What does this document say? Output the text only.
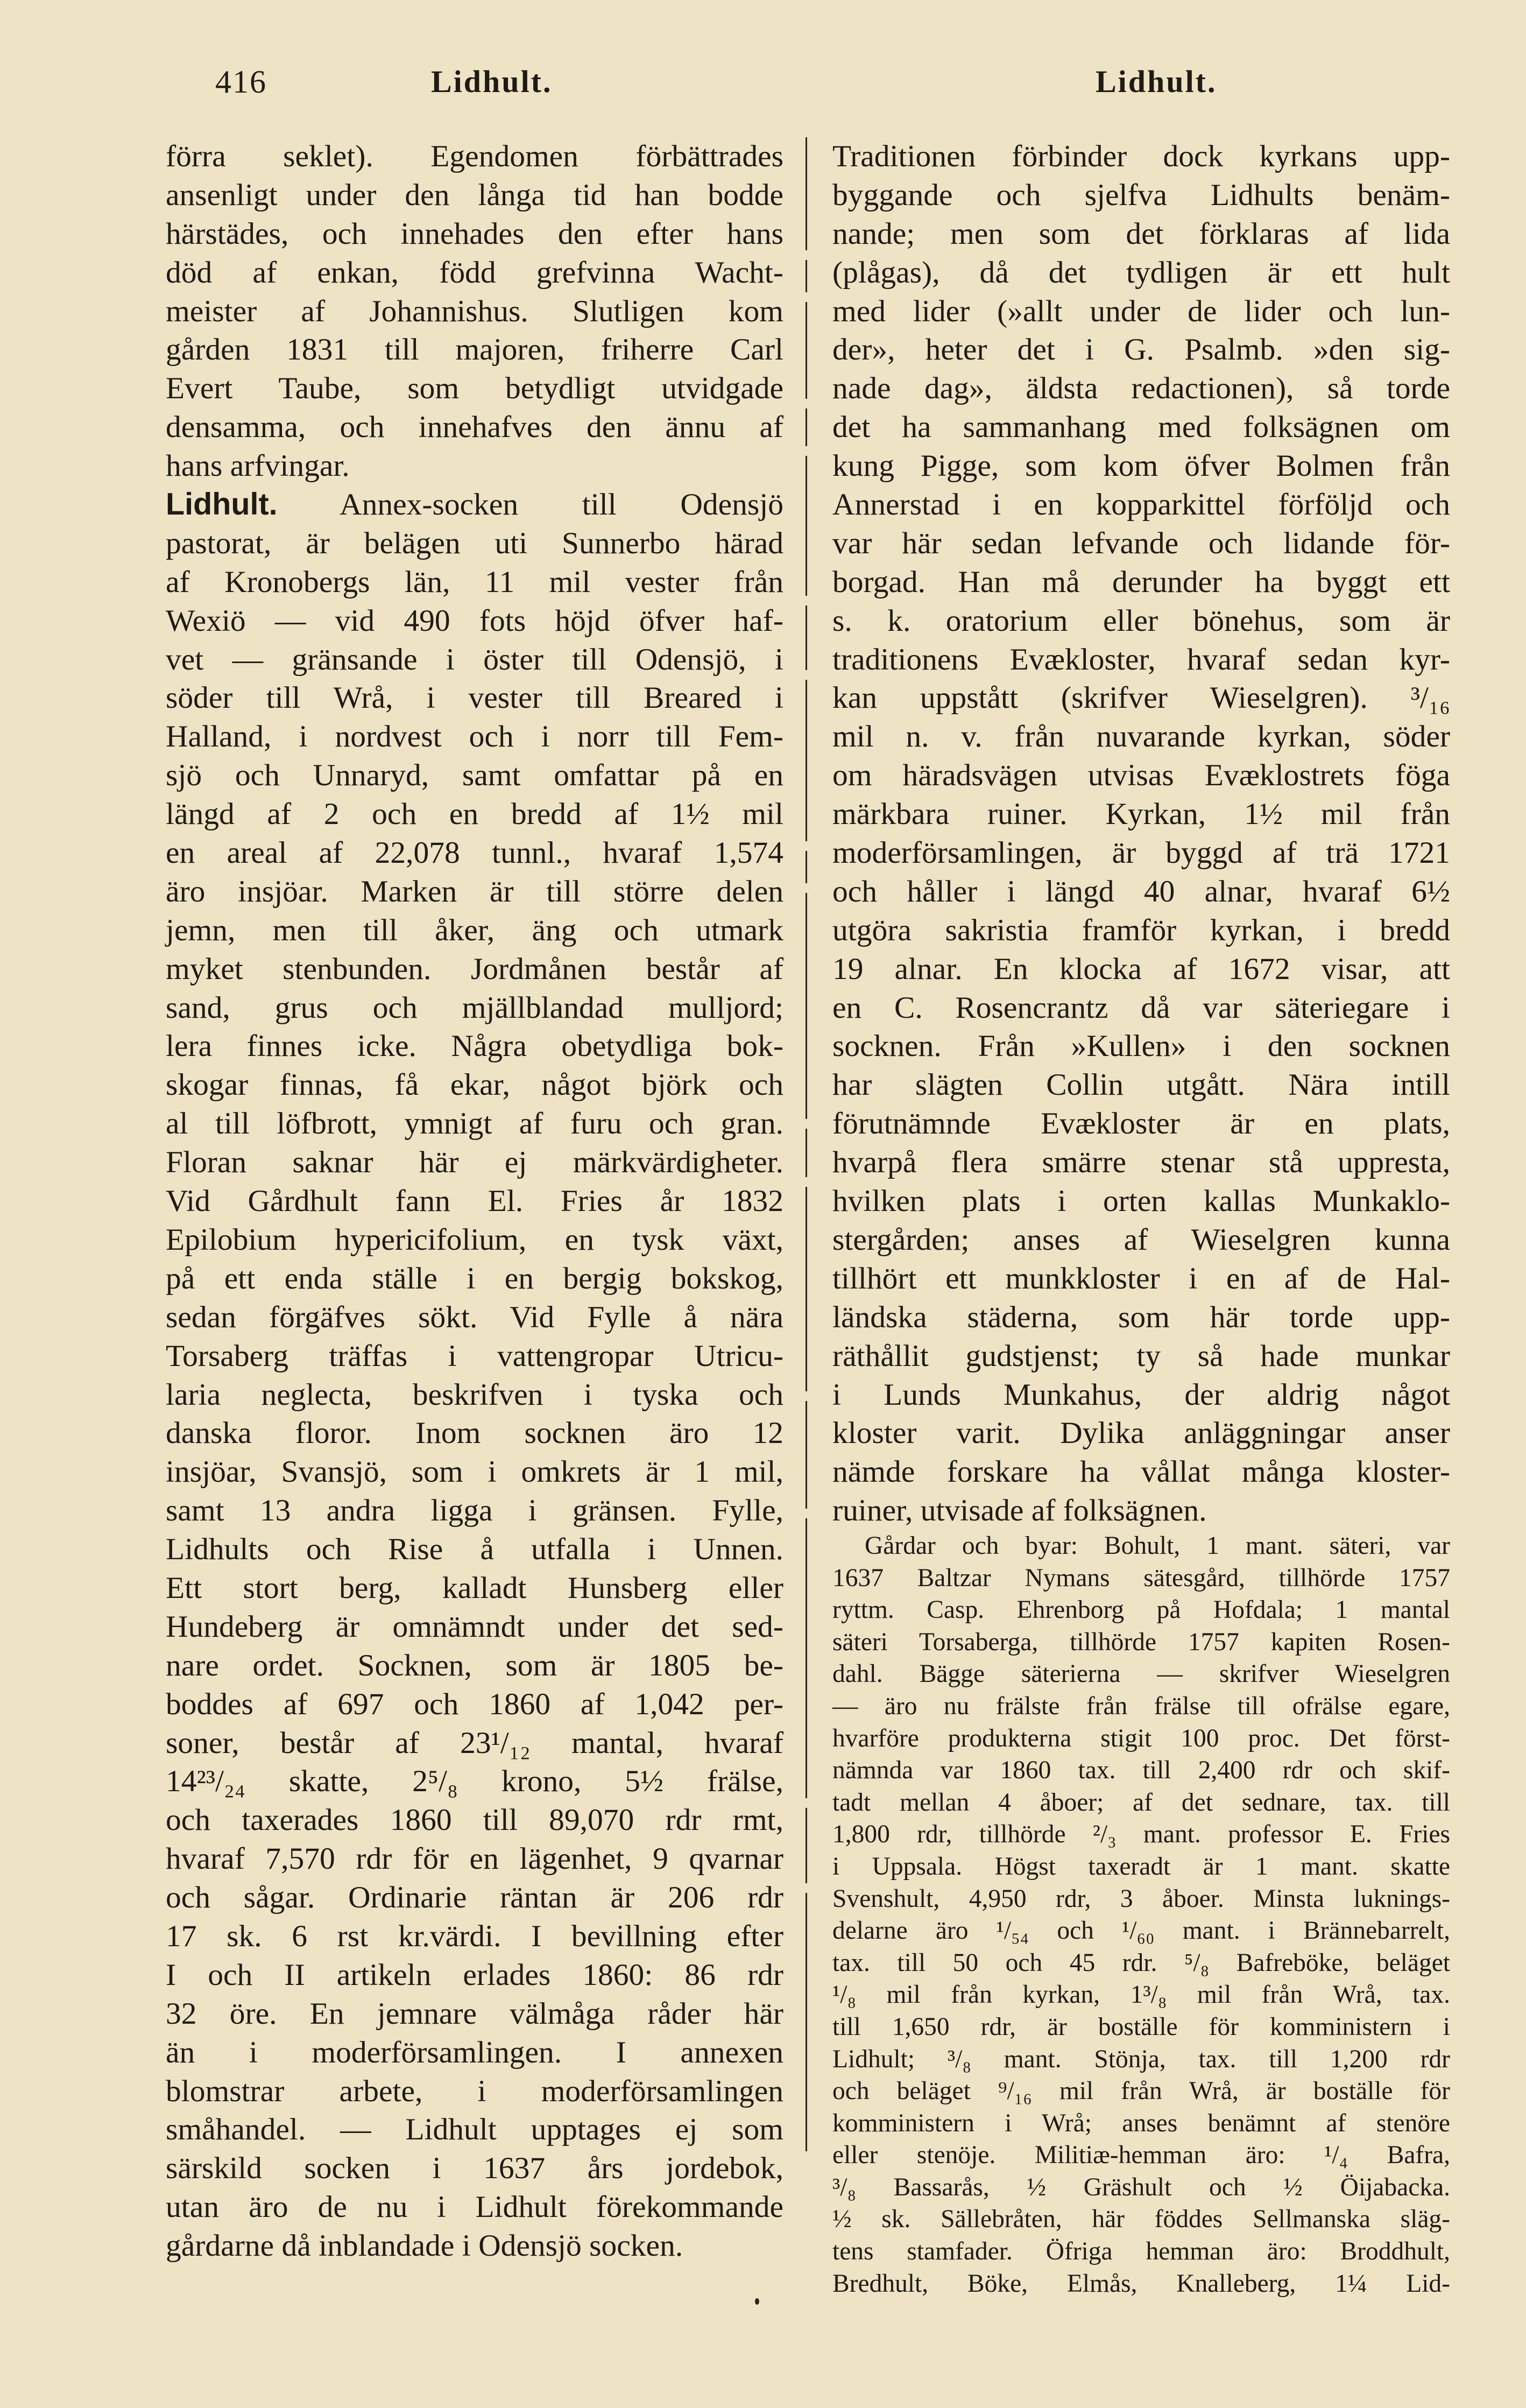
416	Lidhult.	Lidhult.
förra seklet). Egendomen förbättrades
ansenligt under den långa tid han bodde
härstädes, och innehades den efter hans
död af enkan, född grefvinna Wacht-
meister af Johannishus. Slutligen kom
gården 1831 till majoren, friherre Carl
Evert Taube, som betydligt utvidgade
densamma, och innehafves den ännu af
hans arfvingar.
Lidhult. Annex-socken till Odensjö
pastorat, är belägen uti Sunnerbo härad
af Kronobergs län, 11 mil vester från
Wexiö — vid 490 fots höjd öfver haf-
vet — gränsande i öster till Odensjö, i
söder till Wrå, i vester till Breared i
Halland, i nordvest och i norr till Fem-
sjö och Unnaryd, samt omfattar på en
längd af 2 och en bredd af 1½ mil
en areal af 22,078 tunnl., hvaraf 1,574
äro insjöar. Marken är till större delen
jemn, men till åker, äng och utmark
myket stenbunden. Jordmånen består af
sand, grus och mjällblandad mulljord;
lera finnes icke. Några obetydliga bok-
skogar finnas, få ekar, något björk och
al till löfbrott, ymnigt af furu och gran.
Floran saknar här ej märkvärdigheter.
Vid Gårdhult fann El. Fries år 1832
Epilobium hypericifolium, en tysk växt,
på ett enda ställe i en bergig bokskog,
sedan förgäfves sökt. Vid Fylle å nära
Torsaberg träffas i vattengropar Utricu-
laria neglecta, beskrifven i tyska och
danska floror. Inom socknen äro 12
insjöar, Svansjö, som i omkrets är 1 mil,
samt 13 andra ligga i gränsen. Fylle,
Lidhults och Rise å utfalla i Unnen.
Ett stort berg, kalladt Hunsberg eller
Hundeberg är omnämndt under det sed-
nare ordet. Socknen, som är 1805 be-
boddes af 697 och 1860 af 1,042 per-
soner, består af 23¹/₁₂ mantal, hvaraf
14²³/₂₄ skatte, 2⁵/₈ krono, 5½ frälse,
och taxerades 1860 till 89,070 rdr rmt,
hvaraf 7,570 rdr för en lägenhet, 9 qvarnar
och sågar. Ordinarie räntan är 206 rdr
17 sk. 6 rst kr.värdi. I bevillning efter
I och II artikeln erlades 1860: 86 rdr
32 öre. En jemnare välmåga råder här
än i moderförsamlingen. I annexen
blomstrar arbete, i moderförsamlingen
småhandel. — Lidhult upptages ej som
särskild socken i 1637 års jordebok,
utan äro de nu i Lidhult förekommande
gårdarne då inblandade i Odensjö socken.
Traditionen förbinder dock kyrkans upp-
byggande och sjelfva Lidhults benäm-
nande; men som det förklaras af lida
(plågas), då det tydligen är ett hult
med lider (»allt under de lider och lun-
der», heter det i G. Psalmb. »den sig-
nade dag», äldsta redactionen), så torde
det ha sammanhang med folksägnen om
kung Pigge, som kom öfver Bolmen från
Annerstad i en kopparkittel förföljd och
var här sedan lefvande och lidande för-
borgad. Han må derunder ha byggt ett
s. k. oratorium eller bönehus, som är
traditionens Evækloster, hvaraf sedan kyr-
kan uppstått (skrifver Wieselgren). ³/₁₆
mil n. v. från nuvarande kyrkan, söder
om häradsvägen utvisas Evæklostrets föga
märkbara ruiner. Kyrkan, 1½ mil från
moderförsamlingen, är byggd af trä 1721
och håller i längd 40 alnar, hvaraf 6½
utgöra sakristia framför kyrkan, i bredd
19 alnar. En klocka af 1672 visar, att
en C. Rosencrantz då var säteriegare i
socknen. Från »Kullen» i den socknen
har slägten Collin utgått. Nära intill
förutnämnde Evækloster är en plats,
hvarpå flera smärre stenar stå uppresta,
hvilken plats i orten kallas Munkaklo-
stergården; anses af Wieselgren kunna
tillhört ett munkkloster i en af de Hal-
ländska städerna, som här torde upp-
räthållit gudstjenst; ty så hade munkar
i Lunds Munkahus, der aldrig något
kloster varit. Dylika anläggningar anser
nämde forskare ha vållat många kloster-
ruiner, utvisade af folksägnen.
Gårdar och byar: Bohult, 1 mant. säteri, var
1637 Baltzar Nymans sätesgård, tillhörde 1757
ryttm. Casp. Ehrenborg på Hofdala; 1 mantal
säteri Torsaberga, tillhörde 1757 kapiten Rosen-
dahl. Bägge säterierna — skrifver Wieselgren
— äro nu frälste från frälse till ofrälse egare,
hvarföre produkterna stigit 100 proc. Det först-
nämnda var 1860 tax. till 2,400 rdr och skif-
tadt mellan 4 åboer; af det sednare, tax. till
1,800 rdr, tillhörde ²/₃ mant. professor E. Fries
i Uppsala. Högst taxeradt är 1 mant. skatte
Svenshult, 4,950 rdr, 3 åboer. Minsta luknings-
delarne äro ¹/₅₄ och ¹/₆₀ mant. i Brännebarrelt,
tax. till 50 och 45 rdr. ⁵/₈ Bafreböke, beläget
¹/₈ mil från kyrkan, 1³/₈ mil från Wrå, tax.
till 1,650 rdr, är boställe för komministern i
Lidhult; ³/₈ mant. Stönja, tax. till 1,200 rdr
och beläget ⁹/₁₆ mil från Wrå, är boställe för
komministern i Wrå; anses benämnt af stenöre
eller stenöje. Militiæ-hemman äro: ¹/₄ Bafra,
³/₈ Bassarås, ½ Gräshult och ½ Öijabacka.
½ sk. Sällebråten, här föddes Sellmanska släg-
tens stamfader. Öfriga hemman äro: Broddhult,
Bredhult, Böke, Elmås, Knalleberg, 1¼ Lid-
